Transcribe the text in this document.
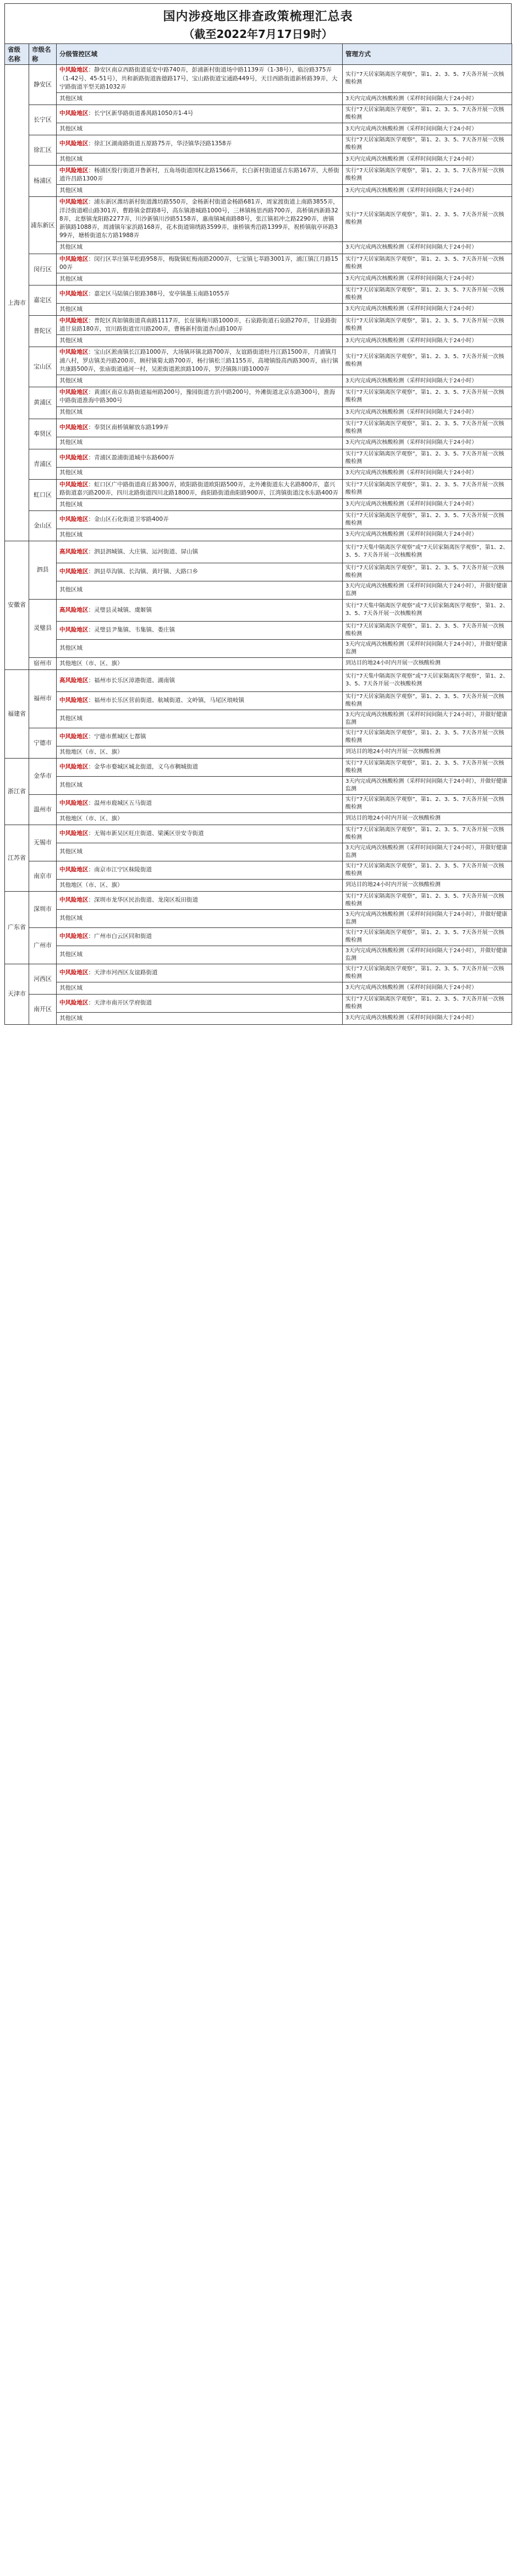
国内涉疫地区排查政策梳理汇总表
（截至2022年7月17日9时）
省级名称	市级名称	分级管控区域	管理方式
上海市	静安区	中风险地区：静安区南京西路街道延安中路740弄，彭浦新村街道场中路1139弄（1-38号），临汾路375弄（1-42号、45-51号），共和新路街道旌德路17号，宝山路街道宝通路449号，天目西路街道新桥路39弄，大宁路街道平型关路1032弄	实行“7天居家隔离医学观察”，第1、2、3、5、7天各开展一次核酸检测
		其他区域	3天内完成两次核酸检测（采样时间间隔大于24小时）
	长宁区	中风险地区：长宁区新华路街道番禺路1050弄1-4号	实行“7天居家隔离医学观察”，第1、2、3、5、7天各开展一次核酸检测
		其他区域	3天内完成两次核酸检测（采样时间间隔大于24小时）
	徐汇区	中风险地区：徐汇区湖南路街道五原路75弄，华泾镇华泾路1358弄	实行“7天居家隔离医学观察”，第1、2、3、5、7天各开展一次核酸检测
		其他区域	3天内完成两次核酸检测（采样时间间隔大于24小时）
	杨浦区	中风险地区：杨浦区殷行街道开鲁新村，五角场街道国权北路1566弄，长白新村街道延吉东路167弄，大桥街道许昌路1300弄	实行“7天居家隔离医学观察”，第1、2、3、5、7天各开展一次核酸检测
		其他区域	3天内完成两次核酸检测（采样时间间隔大于24小时）
	浦东新区	中风险地区：浦东新区潍坊新村街道潍坊路550弄，金杨新村街道金杨路681弄，周家渡街道上南路3855弄，洋泾街道崂山路301弄，曹路镇金群路8号，高东镇港城路1000号，三林镇杨思西路700弄，高桥镇西新路328弄，北蔡镇龙阳路2277弄，川沙新镇川沙路5158弄，惠南镇城南路88号，张江镇祖冲之路2290弄，唐镇新镇路1088弄，周浦镇年家浜路168弄，花木街道锦绣路3599弄，康桥镇秀沿路1399弄，祝桥镇航亭环路399弄，塘桥街道东方路1988弄	实行“7天居家隔离医学观察”，第1、2、3、5、7天各开展一次核酸检测
		其他区域	3天内完成两次核酸检测（采样时间间隔大于24小时）
	闵行区	中风险地区：闵行区莘庄镇莘松路958弄，梅陇镇虹梅南路2000弄，七宝镇七莘路3001弄，浦江镇江月路1500弄	实行“7天居家隔离医学观察”，第1、2、3、5、7天各开展一次核酸检测
		其他区域	3天内完成两次核酸检测（采样时间间隔大于24小时）
	嘉定区	中风险地区：嘉定区马陆镇白银路388号，安亭镇墨玉南路1055弄	实行“7天居家隔离医学观察”，第1、2、3、5、7天各开展一次核酸检测
		其他区域	3天内完成两次核酸检测（采样时间间隔大于24小时）
	普陀区	中风险地区：普陀区真如镇街道真南路1117弄，长征镇梅川路1000弄，石泉路街道石泉路270弄，甘泉路街道甘泉路180弄，宜川路街道宜川路200弄，曹杨新村街道杏山路100弄	实行“7天居家隔离医学观察”，第1、2、3、5、7天各开展一次核酸检测
		其他区域	3天内完成两次核酸检测（采样时间间隔大于24小时）
	宝山区	中风险地区：宝山区淞南镇长江路1000弄，大场镇环镇北路700弄，友谊路街道牡丹江路1500弄，月浦镇月浦八村，罗店镇美丹路200弄，顾村镇菊太路700弄，杨行镇松兰路1155弄，高境镇殷高西路300弄，庙行镇共康路500弄，张庙街道通河一村，吴淞街道淞滨路100弄，罗泾镇陈川路1000弄	实行“7天居家隔离医学观察”，第1、2、3、5、7天各开展一次核酸检测
		其他区域	3天内完成两次核酸检测（采样时间间隔大于24小时）
	黄浦区	中风险地区：黄浦区南京东路街道福州路200号，豫园街道方浜中路200号，外滩街道北京东路300号，淮海中路街道淮海中路300号	实行“7天居家隔离医学观察”，第1、2、3、5、7天各开展一次核酸检测
		其他区域	3天内完成两次核酸检测（采样时间间隔大于24小时）
	奉贤区	中风险地区：奉贤区南桥镇解放东路199弄	实行“7天居家隔离医学观察”，第1、2、3、5、7天各开展一次核酸检测
		其他区域	3天内完成两次核酸检测（采样时间间隔大于24小时）
	青浦区	中风险地区：青浦区盈浦街道城中东路600弄	实行“7天居家隔离医学观察”，第1、2、3、5、7天各开展一次核酸检测
		其他区域	3天内完成两次核酸检测（采样时间间隔大于24小时）
	虹口区	中风险地区：虹口区广中路街道商丘路300弄，欧阳路街道欧阳路500弄，北外滩街道东大名路800弄，嘉兴路街道嘉兴路200弄，四川北路街道四川北路1800弄，曲阳路街道曲阳路900弄，江湾镇街道汶水东路400弄	实行“7天居家隔离医学观察”，第1、2、3、5、7天各开展一次核酸检测
		其他区域	3天内完成两次核酸检测（采样时间间隔大于24小时）
	金山区	中风险地区：金山区石化街道卫零路400弄	实行“7天居家隔离医学观察”，第1、2、3、5、7天各开展一次核酸检测
		其他区域	3天内完成两次核酸检测（采样时间间隔大于24小时）
安徽省	泗县	高风险地区：泗县泗城镇、大庄镇、运河街道、屏山镇	实行“7天集中隔离医学观察”或“7天居家隔离医学观察”，第1、2、3、5、7天各开展一次核酸检测
		中风险地区：泗县草沟镇、长沟镇、黄圩镇、大路口乡	实行“7天居家隔离医学观察”，第1、2、3、5、7天各开展一次核酸检测
		其他区域	3天内完成两次核酸检测（采样时间间隔大于24小时），并做好健康监测
	灵璧县	高风险地区：灵璧县灵城镇、虞姬镇	实行“7天集中隔离医学观察”或“7天居家隔离医学观察”，第1、2、3、5、7天各开展一次核酸检测
		中风险地区：灵璧县尹集镇、韦集镇、娄庄镇	实行“7天居家隔离医学观察”，第1、2、3、5、7天各开展一次核酸检测
		其他区域	3天内完成两次核酸检测（采样时间间隔大于24小时），并做好健康监测
	宿州市	其他地区（市、区、旗）	到达目的地24小时内开展一次核酸检测
福建省	福州市	高风险地区：福州市长乐区漳港街道、湖南镇	实行“7天集中隔离医学观察”或“7天居家隔离医学观察”，第1、2、3、5、7天各开展一次核酸检测
		中风险地区：福州市长乐区营前街道、航城街道、文岭镇，马尾区琅岐镇	实行“7天居家隔离医学观察”，第1、2、3、5、7天各开展一次核酸检测
		其他区域	3天内完成两次核酸检测（采样时间间隔大于24小时），并做好健康监测
	宁德市	中风险地区：宁德市蕉城区七都镇	实行“7天居家隔离医学观察”，第1、2、3、5、7天各开展一次核酸检测
		其他地区（市、区、旗）	到达目的地24小时内开展一次核酸检测
浙江省	金华市	中风险地区：金华市婺城区城北街道，义乌市稠城街道	实行“7天居家隔离医学观察”，第1、2、3、5、7天各开展一次核酸检测
		其他区域	3天内完成两次核酸检测（采样时间间隔大于24小时），并做好健康监测
	温州市	中风险地区：温州市鹿城区五马街道	实行“7天居家隔离医学观察”，第1、2、3、5、7天各开展一次核酸检测
		其他地区（市、区、旗）	到达目的地24小时内开展一次核酸检测
江苏省	无锡市	中风险地区：无锡市新吴区旺庄街道、梁溪区崇安寺街道	实行“7天居家隔离医学观察”，第1、2、3、5、7天各开展一次核酸检测
		其他区域	3天内完成两次核酸检测（采样时间间隔大于24小时），并做好健康监测
	南京市	中风险地区：南京市江宁区秣陵街道	实行“7天居家隔离医学观察”，第1、2、3、5、7天各开展一次核酸检测
		其他地区（市、区、旗）	到达目的地24小时内开展一次核酸检测
广东省	深圳市	中风险地区：深圳市龙华区民治街道、龙岗区坂田街道	实行“7天居家隔离医学观察”，第1、2、3、5、7天各开展一次核酸检测
		其他区域	3天内完成两次核酸检测（采样时间间隔大于24小时），并做好健康监测
	广州市	中风险地区：广州市白云区同和街道	实行“7天居家隔离医学观察”，第1、2、3、5、7天各开展一次核酸检测
		其他区域	3天内完成两次核酸检测（采样时间间隔大于24小时），并做好健康监测
天津市	河西区	中风险地区：天津市河西区友谊路街道	实行“7天居家隔离医学观察”，第1、2、3、5、7天各开展一次核酸检测
		其他区域	3天内完成两次核酸检测（采样时间间隔大于24小时）
	南开区	中风险地区：天津市南开区学府街道	实行“7天居家隔离医学观察”，第1、2、3、5、7天各开展一次核酸检测
		其他区域	3天内完成两次核酸检测（采样时间间隔大于24小时）
